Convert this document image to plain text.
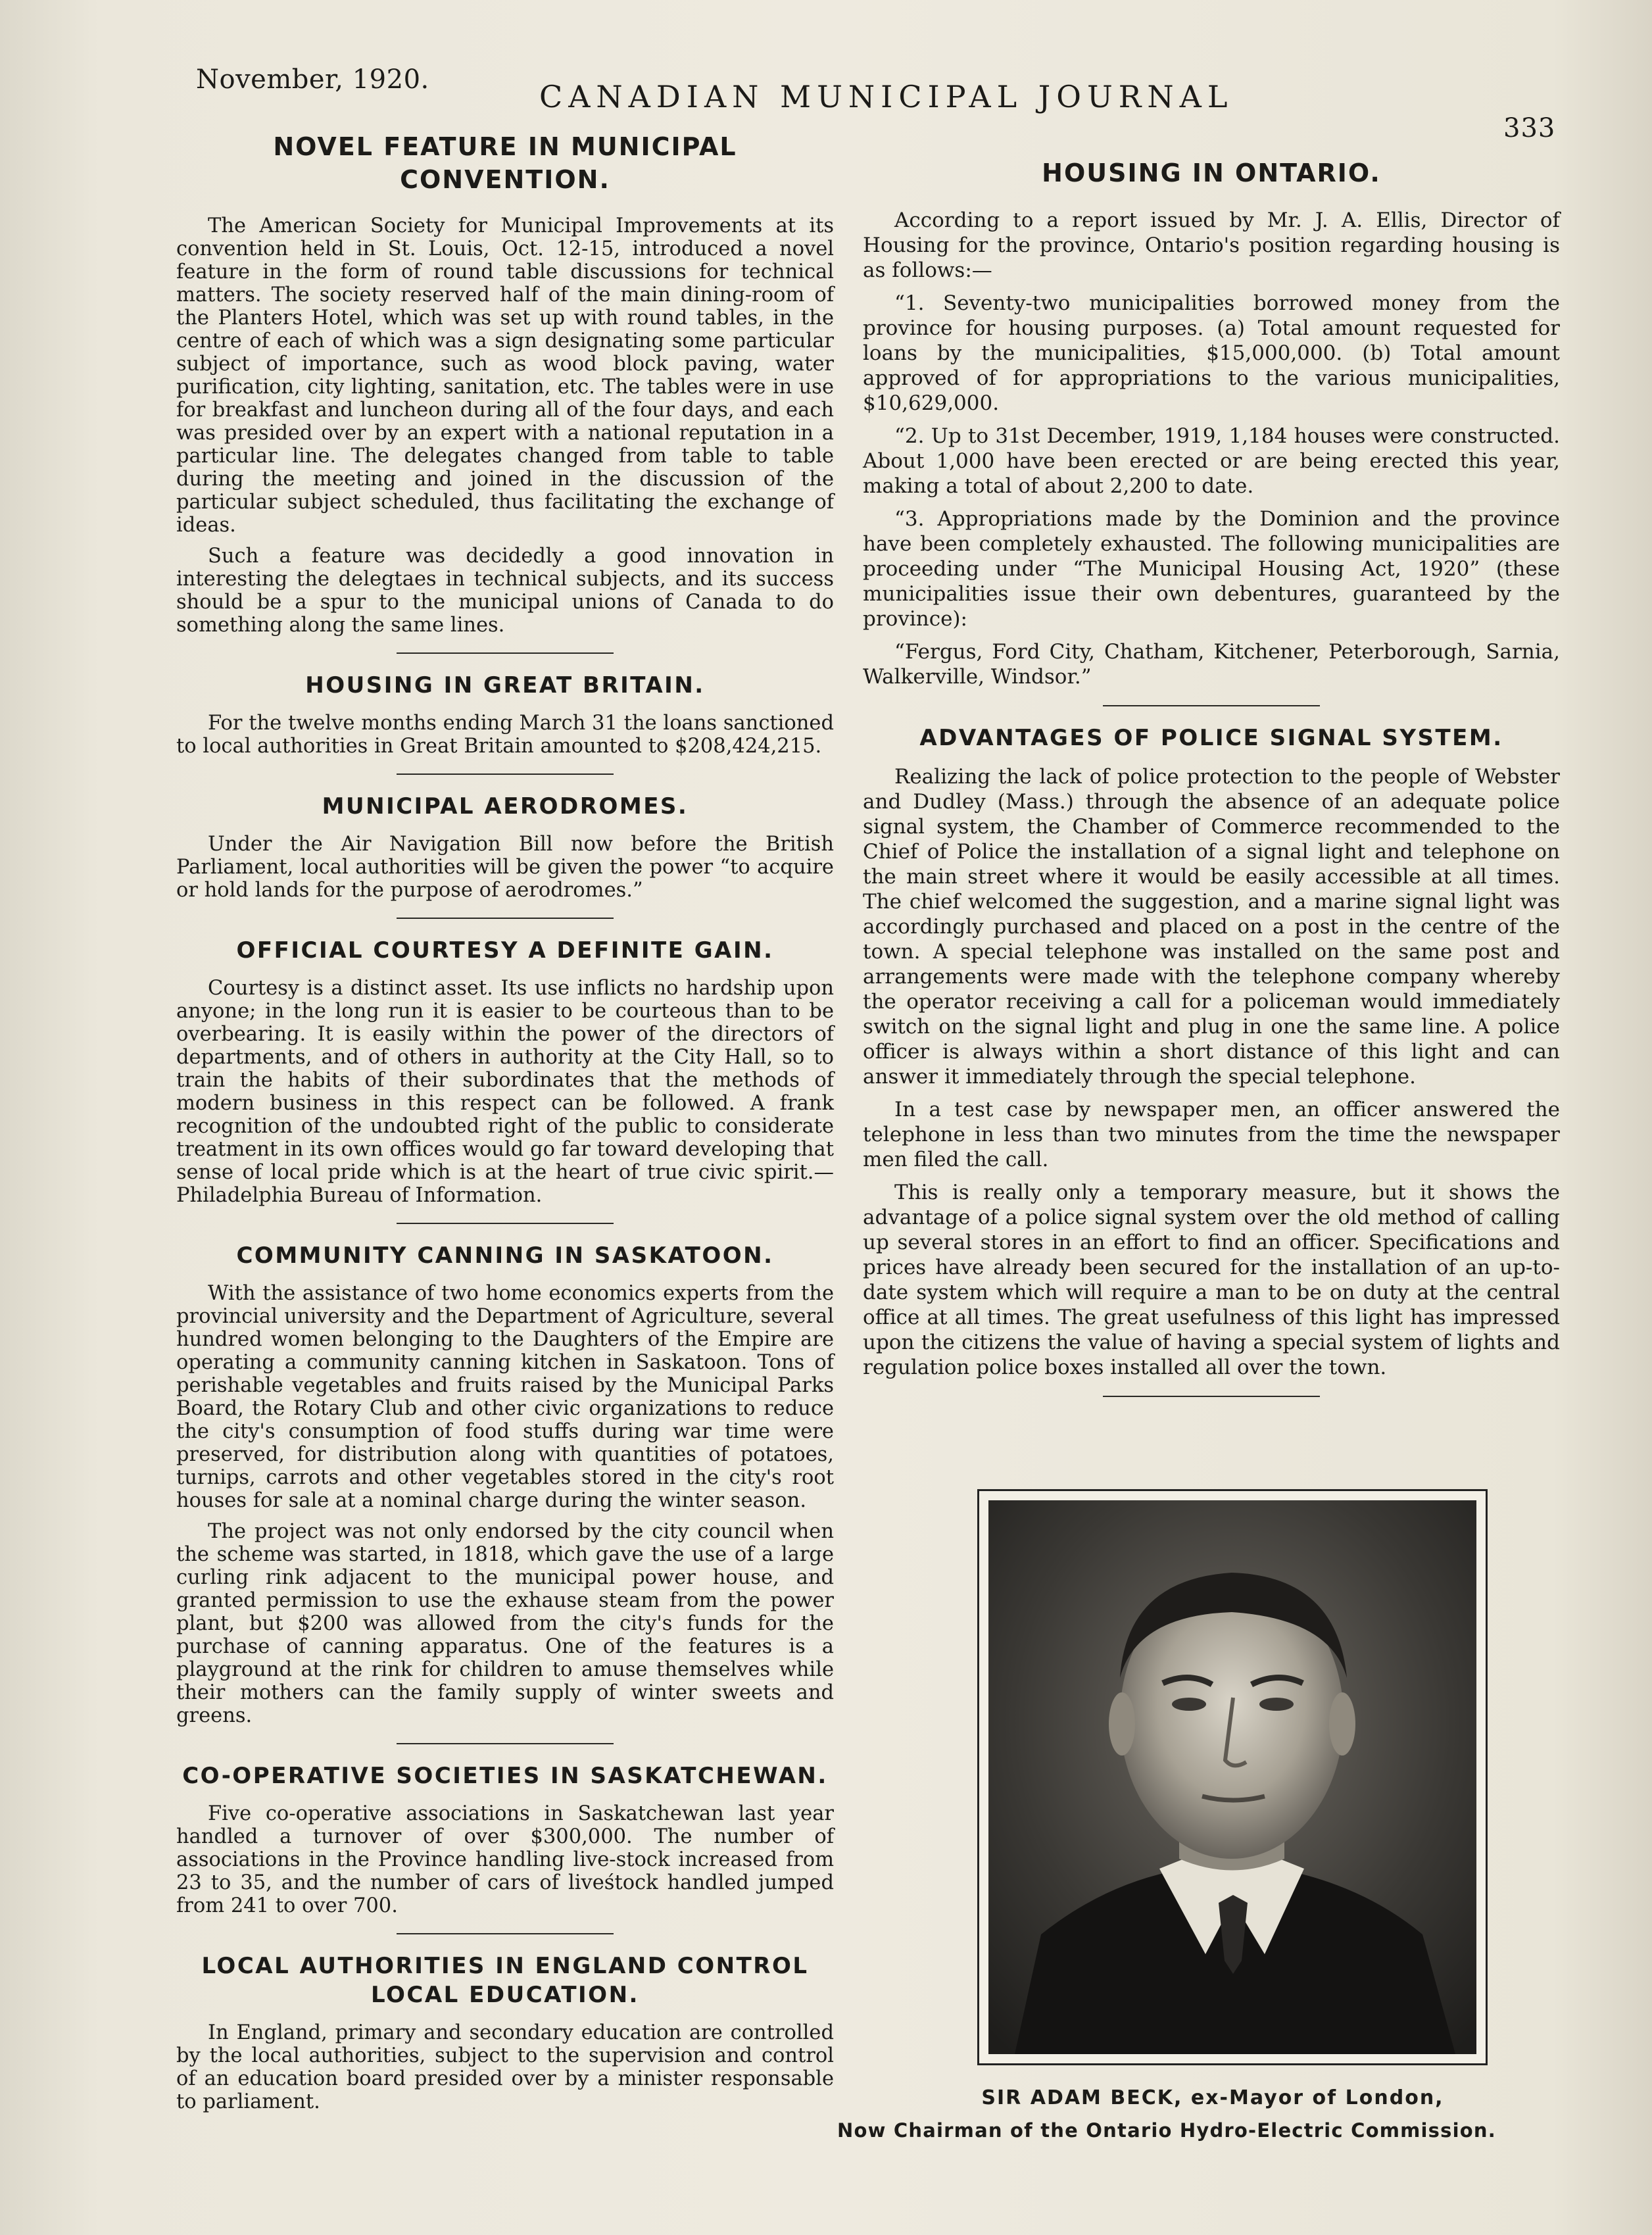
November, 1920.	CANADIAN MUNICIPAL JOURNAL
333
NOVEL FEATURE IN MUNICIPAL CONVENTION.

The American Society for Municipal Improvements at its convention held in St. Louis, Oct. 12-15, introduced a novel feature in the form of round table discussions for technical matters. The society reserved half of the main dining-room of the Planters Hotel, which was set up with round tables, in the centre of each of which was a sign designating some particular subject of importance, such as wood block paving, water purification, city lighting, sanitation, etc. The tables were in use for breakfast and luncheon during all of the four days, and each was presided over by an expert with a national reputation in a particular line. The delegates changed from table to table during the meeting and joined in the discussion of the particular subject scheduled, thus facilitating the exchange of ideas.

Such a feature was decidedly a good innovation in interesting the delegtaes in technical subjects, and its success should be a spur to the municipal unions of Canada to do something along the same lines.

HOUSING IN GREAT BRITAIN.

For the twelve months ending March 31 the loans sanctioned to local authorities in Great Britain amounted to $208,424,215.

MUNICIPAL AERODROMES.

Under the Air Navigation Bill now before the British Parliament, local authorities will be given the power “to acquire or hold lands for the purpose of aerodromes.”

OFFICIAL COURTESY A DEFINITE GAIN.

Courtesy is a distinct asset. Its use inflicts no hardship upon anyone; in the long run it is easier to be courteous than to be overbearing. It is easily within the power of the directors of departments, and of others in authority at the City Hall, so to train the habits of their subordinates that the methods of modern business in this respect can be followed. A frank recognition of the undoubted right of the public to considerate treatment in its own offices would go far toward developing that sense of local pride which is at the heart of true civic spirit.—Philadelphia Bureau of Information.

COMMUNITY CANNING IN SASKATOON.

With the assistance of two home economics experts from the provincial university and the Department of Agriculture, several hundred women belonging to the Daughters of the Empire are operating a community canning kitchen in Saskatoon. Tons of perishable vegetables and fruits raised by the Municipal Parks Board, the Rotary Club and other civic organizations to reduce the city's consumption of food stuffs during war time were preserved, for distribution along with quantities of potatoes, turnips, carrots and other vegetables stored in the city's root houses for sale at a nominal charge during the winter season.

The project was not only endorsed by the city council when the scheme was started, in 1818, which gave the use of a large curling rink adjacent to the municipal power house, and granted permission to use the exhause steam from the power plant, but $200 was allowed from the city's funds for the purchase of canning apparatus. One of the features is a playground at the rink for children to amuse themselves while their mothers can the family supply of winter sweets and greens.

CO-OPERATIVE SOCIETIES IN SASKATCHEWAN.

Five co-operative associations in Saskatchewan last year handled a turnover of over $300,000. The number of associations in the Province handling live-stock increased from 23 to 35, and the number of cars of liveśtock handled jumped from 241 to over 700.

LOCAL AUTHORITIES IN ENGLAND CONTROL LOCAL EDUCATION.

In England, primary and secondary education are controlled by the local authorities, subject to the supervision and control of an education board presided over by a minister responsable to parliament.

HOUSING IN ONTARIO.

According to a report issued by Mr. J. A. Ellis, Director of Housing for the province, Ontario's position regarding housing is as follows:—

“1. Seventy-two municipalities borrowed money from the province for housing purposes. (a) Total amount requested for loans by the municipalities, $15,000,000. (b) Total amount approved of for appropriations to the various municipalities, $10,629,000.

“2. Up to 31st December, 1919, 1,184 houses were constructed. About 1,000 have been erected or are being erected this year, making a total of about 2,200 to date.

“3. Appropriations made by the Dominion and the province have been completely exhausted. The following municipalities are proceeding under “The Municipal Housing Act, 1920” (these municipalities issue their own debentures, guaranteed by the province):

“Fergus, Ford City, Chatham, Kitchener, Peterborough, Sarnia, Walkerville, Windsor.”

ADVANTAGES OF POLICE SIGNAL SYSTEM.

Realizing the lack of police protection to the people of Webster and Dudley (Mass.) through the absence of an adequate police signal system, the Chamber of Commerce recommended to the Chief of Police the installation of a signal light and telephone on the main street where it would be easily accessible at all times. The chief welcomed the suggestion, and a marine signal light was accordingly purchased and placed on a post in the centre of the town. A special telephone was installed on the same post and arrangements were made with the telephone company whereby the operator receiving a call for a policeman would immediately switch on the signal light and plug in one the same line. A police officer is always within a short distance of this light and can answer it immediately through the special telephone.

In a test case by newspaper men, an officer answered the telephone in less than two minutes from the time the newspaper men filed the call.

This is really only a temporary measure, but it shows the advantage of a police signal system over the old method of calling up several stores in an effort to find an officer. Specifications and prices have already been secured for the installation of an up-to-date system which will require a man to be on duty at the central office at all times. The great usefulness of this light has impressed upon the citizens the value of having a special system of lights and regulation police boxes installed all over the town.

SIR ADAM BECK, ex-Mayor of London,
Now Chairman of the Ontario Hydro-Electric Commission.
